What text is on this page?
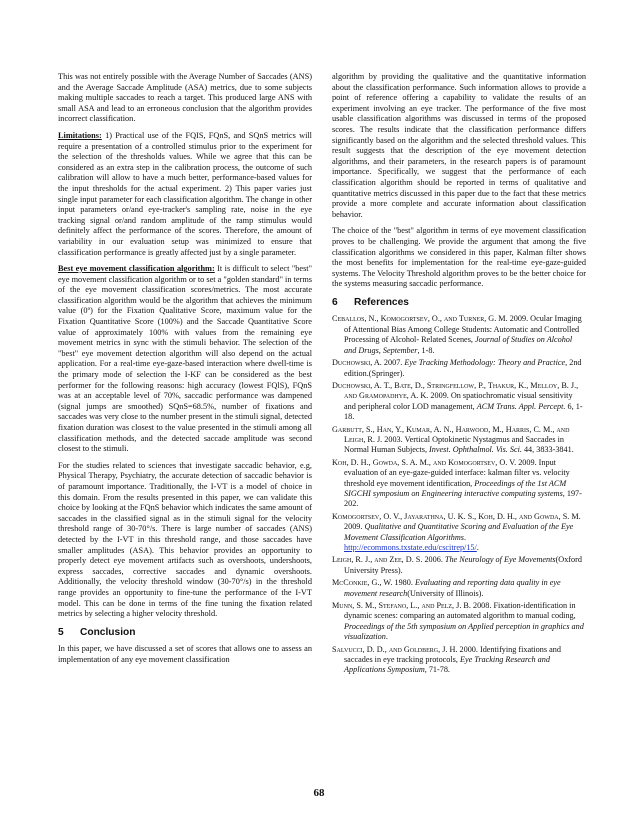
This was not entirely possible with the Average Number of Saccades (ANS) and the Average Saccade Amplitude (ASA) metrics, due to some subjects making multiple saccades to reach a target. This produced large ANS with small ASA and lead to an erroneous conclusion that the algorithm provides incorrect classification.

Limitations: 1) Practical use of the FQIS, FQnS, and SQnS metrics will require a presentation of a controlled stimulus prior to the experiment for the selection of the thresholds values. While we agree that this can be considered as an extra step in the calibration process, the outcome of such calibration will allow to have a much better, performance-based values for the input thresholds for the actual experiment. 2) This paper varies just single input parameter for each classification algorithm. The change in other input parameters or/and eye-tracker's sampling rate, noise in the eye tracking signal or/and random amplitude of the ramp stimulus would definitely affect the performance of the scores. Therefore, the amount of variability in our evaluation setup was minimized to ensure that classification performance is greatly affected just by a single parameter.

Best eye movement classification algorithm: It is difficult to select "best" eye movement classification algorithm or to set a "golden standard" in terms of the eye movement classification scores/metrics. The most accurate classification algorithm would be the algorithm that achieves the minimum value (0º) for the Fixation Qualitative Score, maximum value for the Fixation Quantitative Score (100%) and the Saccade Quantitative Score value of approximately 100% with values from the remaining eye movement metrics in sync with the stimuli behavior. The selection of the "best" eye movement detection algorithm will also depend on the actual application. For a real-time eye-gaze-based interaction where dwell-time is the primary mode of selection the I-KF can be considered as the best performer for the following reasons: high accuracy (lowest FQlS), FQnS was at an acceptable level of 70%, saccadic performance was dampened (signal jumps are smoothed) SQnS=68.5%, number of fixations and saccades was very close to the number present in the stimuli signal, detected fixation duration was closest to the value presented in the stimuli among all classification methods, and the detected saccade amplitude was second closest to the stimuli.

For the studies related to sciences that investigate saccadic behavior, e.g, Physical Therapy, Psychiatry, the accurate detection of saccadic behavior is of paramount importance. Traditionally, the I-VT is a model of choice in this domain. From the results presented in this paper, we can validate this choice by looking at the FQnS behavior which indicates the same amount of saccades in the classified signal as in the stimuli signal for the velocity threshold range of 30-70°/s. There is large number of saccades (ANS) detected by the I-VT in this threshold range, and those saccades have smaller amplitudes (ASA). This behavior provides an opportunity to properly detect eye movement artifacts such as overshoots, undershoots, express saccades, corrective saccades and dynamic overshoots. Additionally, the velocity threshold window (30-70°/s) in the threshold range provides an opportunity to fine-tune the performance of the I-VT model. This can be done in terms of the fine tuning the fixation related metrics by selecting a higher velocity threshold.

5 Conclusion

In this paper, we have discussed a set of scores that allows one to assess an implementation of any eye movement classification

algorithm by providing the qualitative and the quantitative information about the classification performance. Such information allows to provide a point of reference offering a capability to validate the results of an experiment involving an eye tracker. The performance of the five most usable classification algorithms was discussed in terms of the proposed scores. The results indicate that the classification performance differs significantly based on the algorithm and the selected threshold values. This result suggests that the description of the eye movement detection algorithms, and their parameters, in the research papers is of paramount importance. Specifically, we suggest that the performance of each classification algorithm should be reported in terms of qualitative and quantitative metrics discussed in this paper due to the fact that these metrics provide a more complete and accurate information about classification behavior.

The choice of the "best" algorithm in terms of eye movement classification proves to be challenging. We provide the argument that among the five classification algorithms we considered in this paper, Kalman filter shows the most benefits for implementation for the real-time eye-gaze-guided systems. The Velocity Threshold algorithm proves to be the better choice for the systems measuring saccadic performance.

6 References

Ceballos, N., Komogortsev, O., and Turner, G. M. 2009. Ocular Imaging of Attentional Bias Among College Students: Automatic and Controlled Processing of Alcohol- Related Scenes, Journal of Studies on Alcohol and Drugs, September, 1-8.

Duchowski, A. 2007. Eye Tracking Methodology: Theory and Practice, 2nd edition.(Springer).

Duchowski, A. T., Bate, D., Stringfellow, P., Thakur, K., Melloy, B. J., and Gramopadhye, A. K. 2009. On spatiochromatic visual sensitivity and peripheral color LOD management, ACM Trans. Appl. Percept. 6, 1-18.

Garbutt, S., Han, Y., Kumar, A. N., Harwood, M., Harris, C. M., and Leigh, R. J. 2003. Vertical Optokinetic Nystagmus and Saccades in Normal Human Subjects, Invest. Ophthalmol. Vis. Sci. 44, 3833-3841.

Koh, D. H., Gowda, S. A. M., and Komogortsev, O. V. 2009. Input evaluation of an eye-gaze-guided interface: kalman filter vs. velocity threshold eye movement identification, Proceedings of the 1st ACM SIGCHI symposium on Engineering interactive computing systems, 197-202.

Komogortsev, O. V., Jayarathna, U. K. S., Koh, D. H., and Gowda, S. M. 2009. Qualitative and Quantitative Scoring and Evaluation of the Eye Movement Classification Algorithms. http://ecommons.txstate.edu/cscitrep/15/.

Leigh, R. J., and Zee, D. S. 2006. The Neurology of Eye Movements(Oxford University Press).

McConkie, G., W. 1980. Evaluating and reporting data quality in eye movement research(University of Illinois).

Munn, S. M., Stefano, L., and Pelz, J. B. 2008. Fixation-identification in dynamic scenes: comparing an automated algorithm to manual coding, Proceedings of the 5th symposium on Applied perception in graphics and visualization.

Salvucci, D. D., and Goldberg, J. H. 2000. Identifying fixations and saccades in eye tracking protocols, Eye Tracking Research and Applications Symposium, 71-78.

68
